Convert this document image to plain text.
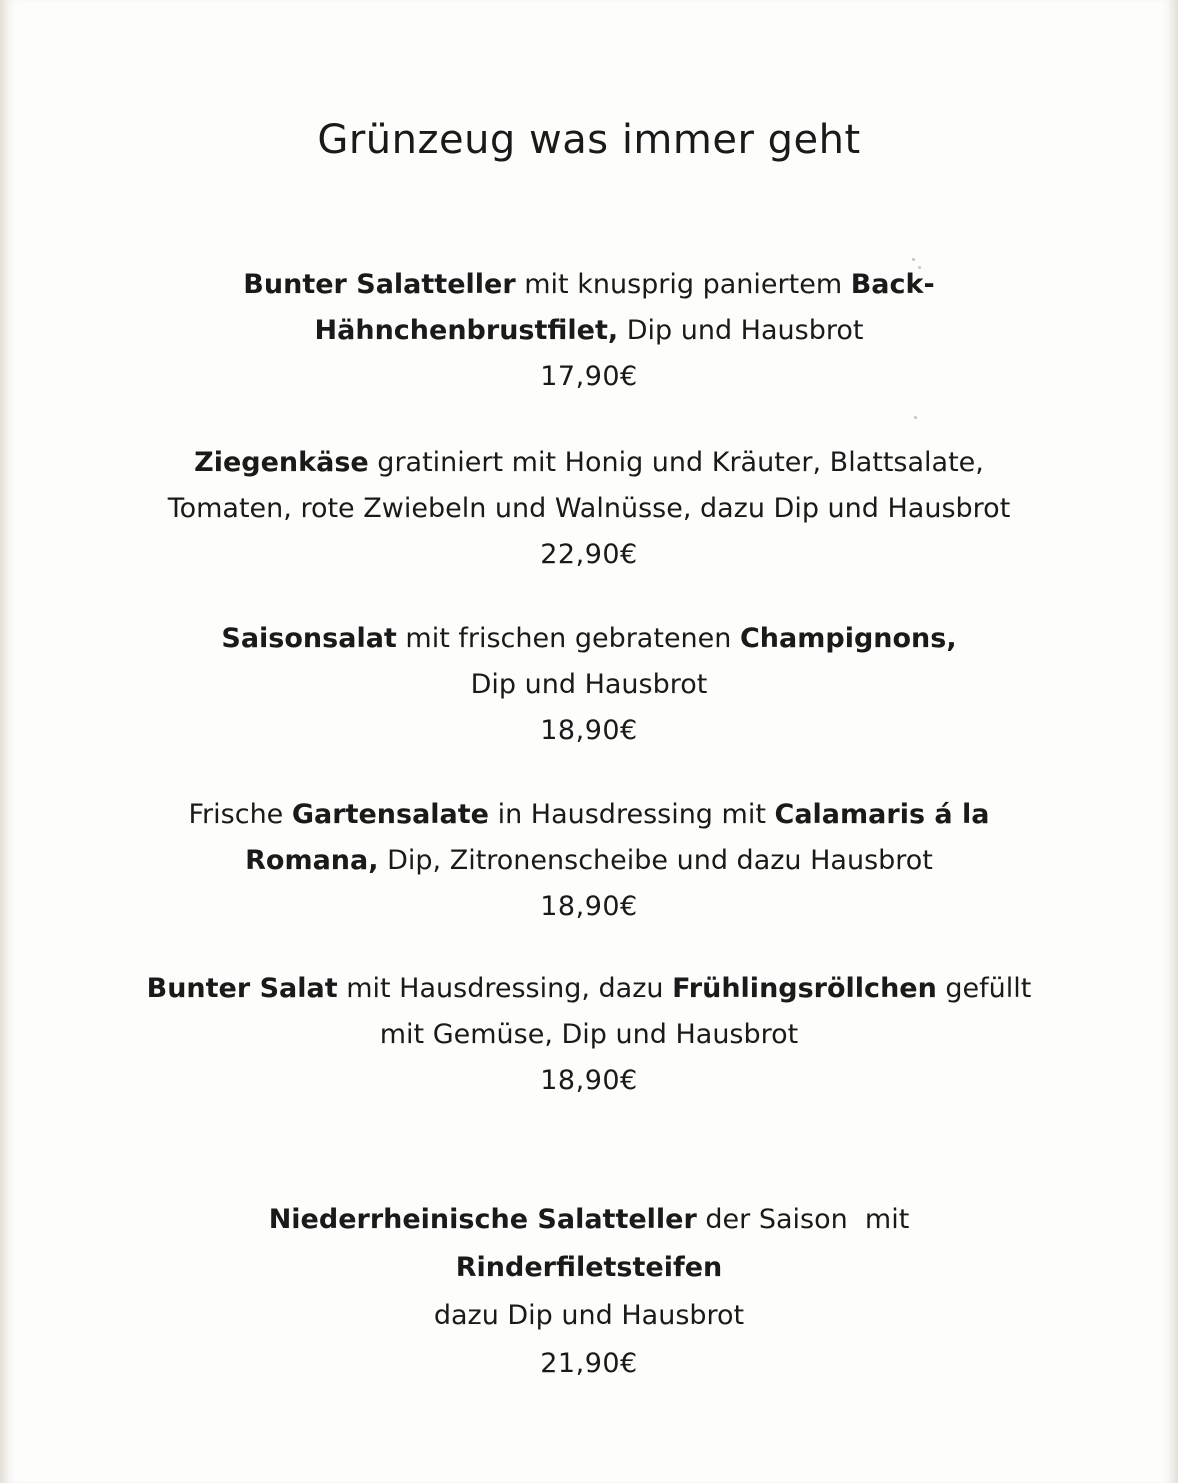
Grünzeug was immer geht
Bunter Salatteller mit knusprig paniertem Back-
Hähnchenbrustfilet, Dip und Hausbrot
17,90€
Ziegenkäse gratiniert mit Honig und Kräuter, Blattsalate,
Tomaten, rote Zwiebeln und Walnüsse, dazu Dip und Hausbrot
22,90€
Saisonsalat mit frischen gebratenen Champignons,
Dip und Hausbrot
18,90€
Frische Gartensalate in Hausdressing mit Calamaris á la
Romana, Dip, Zitronenscheibe und dazu Hausbrot
18,90€
Bunter Salat mit Hausdressing, dazu Frühlingsröllchen gefüllt
mit Gemüse, Dip und Hausbrot
18,90€
Niederrheinische Salatteller der Saison  mit
Rinderfiletsteifen
dazu Dip und Hausbrot
21,90€
